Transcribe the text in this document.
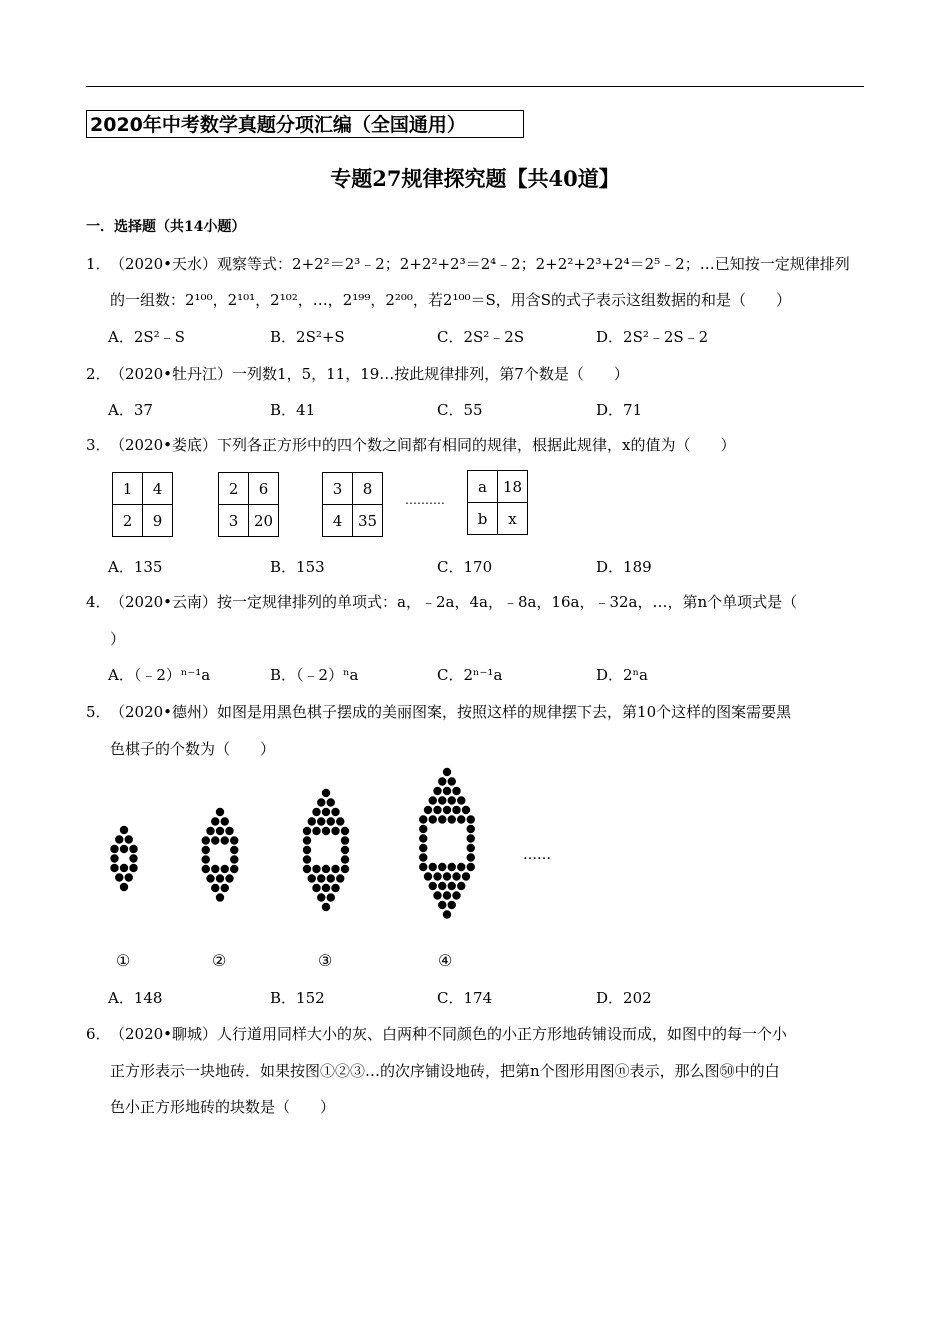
2020年中考数学真题分项汇编（全国通用）
专题27规律探究题【共40道】
一．选择题（共14小题）
1． （2020•天水）观察等式：2+2²＝2³﹣2；2+2²+2³＝2⁴﹣2；2+2²+2³+2⁴＝2⁵﹣2；…已知按一定规律排列
的一组数：2¹⁰⁰，2¹⁰¹，2¹⁰²，…，2¹⁹⁹，2²⁰⁰，若2¹⁰⁰＝S，用含S的式子表示这组数据的和是（　　）
A．2S²﹣S	B．2S²+S	C．2S²﹣2S	D．2S²﹣2S﹣2
2． （2020•牡丹江）一列数1，5，11，19…按此规律排列，第7个数是（　　）
A．37	B．41	C．55	D．71
3． （2020•娄底）下列各正方形中的四个数之间都有相同的规律，根据此规律，x的值为（　　）
1	4
2	9
2	6
3	20
3	8
4	35
……….
a	18
b	x
A．135	B．153	C．170	D．189
4． （2020•云南）按一定规律排列的单项式：a，﹣2a，4a，﹣8a，16a，﹣32a，…，第n个单项式是（
）
A．（﹣2）ⁿ⁻¹a	B．（﹣2）ⁿa	C．2ⁿ⁻¹a	D．2ⁿa
5． （2020•德州）如图是用黑色棋子摆成的美丽图案，按照这样的规律摆下去，第10个这样的图案需要黑
色棋子的个数为（　　）
……
①	②	③	④
A．148	B．152	C．174	D．202
6． （2020•聊城）人行道用同样大小的灰、白两种不同颜色的小正方形地砖铺设而成，如图中的每一个小
正方形表示一块地砖．如果按图①②③…的次序铺设地砖，把第n个图形用图ⓝ表示，那么图㊿中的白
色小正方形地砖的块数是（　　）
